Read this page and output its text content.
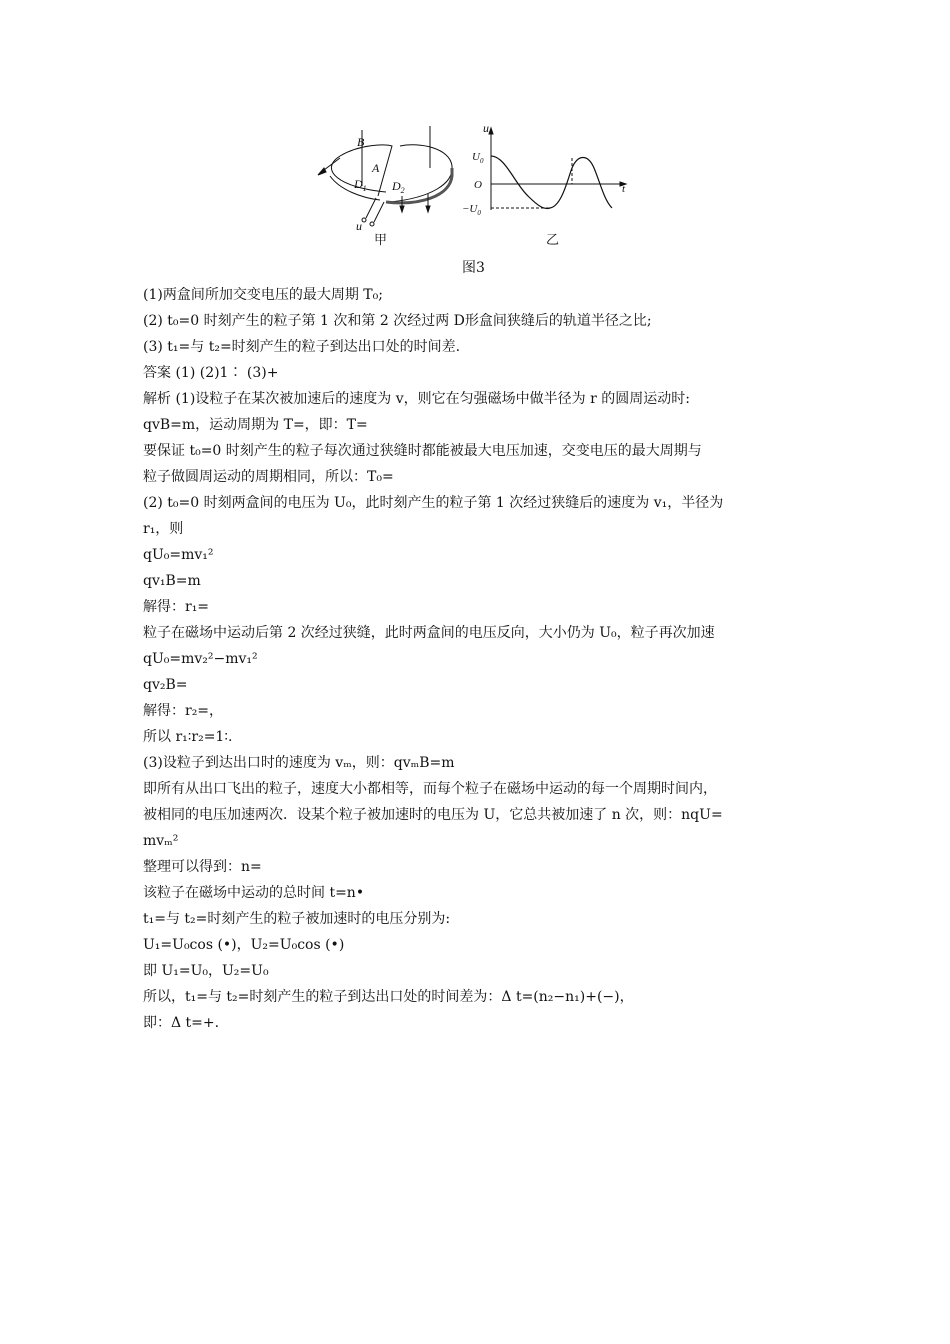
B
A
$D_1$ $D_2$
u
甲
u
$U_0$
O	t
$-U_0$
乙
图3
(1)两盒间所加交变电压的最大周期 T₀;
(2) t₀=0 时刻产生的粒子第 1 次和第 2 次经过两 D形盒间狭缝后的轨道半径之比;
(3) t₁=与 t₂=时刻产生的粒子到达出口处的时间差.
答案 (1) (2)1∶ (3)+
解析 (1)设粒子在某次被加速后的速度为 v，则它在匀强磁场中做半径为 r 的圆周运动时:
qvB=m，运动周期为 T=，即：T=
要保证 t₀=0 时刻产生的粒子每次通过狭缝时都能被最大电压加速，交变电压的最大周期与
粒子做圆周运动的周期相同，所以：T₀=
(2) t₀=0 时刻两盒间的电压为 U₀，此时刻产生的粒子第 1 次经过狭缝后的速度为 v₁，半径为
r₁，则
qU₀=mv₁²
qv₁B=m
解得：r₁=
粒子在磁场中运动后第 2 次经过狭缝，此时两盒间的电压反向，大小仍为 U₀，粒子再次加速
qU₀=mv₂²−mv₁²
qv₂B=
解得：r₂=，
所以 r₁∶r₂=1∶.
(3)设粒子到达出口时的速度为 vₘ，则：qvₘB=m
即所有从出口飞出的粒子，速度大小都相等，而每个粒子在磁场中运动的每一个周期时间内，
被相同的电压加速两次．设某个粒子被加速时的电压为 U，它总共被加速了 n 次，则：nqU=
mvₘ²
整理可以得到：n=
该粒子在磁场中运动的总时间 t=n•
t₁=与 t₂=时刻产生的粒子被加速时的电压分别为:
U₁=U₀cos (•)，U₂=U₀cos (•)
即 U₁=U₀，U₂=U₀
所以，t₁=与 t₂=时刻产生的粒子到达出口处的时间差为：Δ t=(n₂−n₁)+(−)，
即：Δ t=+.
